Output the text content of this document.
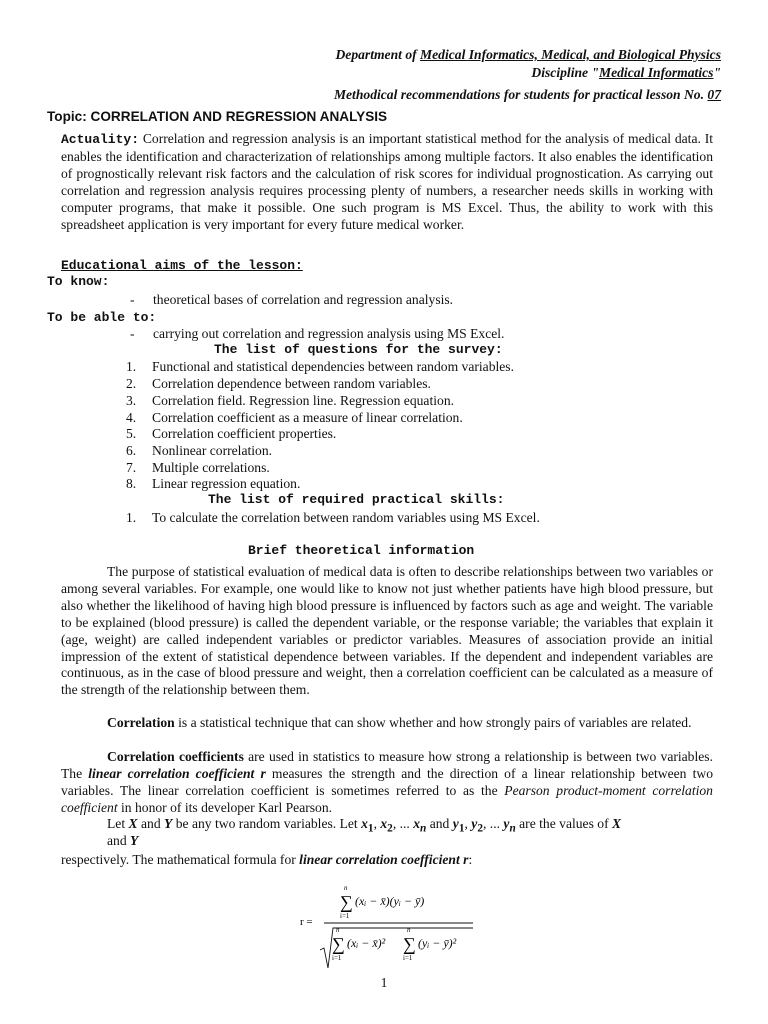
Department of Medical Informatics, Medical, and Biological Physics
Discipline "Medical Informatics"
Methodical recommendations for students for practical lesson No. 07
Topic: CORRELATION AND REGRESSION ANALYSIS
Actuality: Correlation and regression analysis is an important statistical method for the analysis of medical data. It enables the identification and characterization of relationships among multiple factors. It also enables the identification of prognostically relevant risk factors and the calculation of risk scores for individual prognostication. As carrying out correlation and regression analysis requires processing plenty of numbers, a researcher needs skills in working with computer programs, that make it possible. One such program is MS Excel. Thus, the ability to work with this spreadsheet application is very important for every future medical worker.
Educational aims of the lesson:
To know:
- theoretical bases of correlation and regression analysis.
To be able to:
- carrying out correlation and regression analysis using MS Excel.
The list of questions for the survey:
1. Functional and statistical dependencies between random variables.
2. Correlation dependence between random variables.
3. Correlation field. Regression line. Regression equation.
4. Correlation coefficient as a measure of linear correlation.
5. Correlation coefficient properties.
6. Nonlinear correlation.
7. Multiple correlations.
8. Linear regression equation.
The list of required practical skills:
1. To calculate the correlation between random variables using MS Excel.
Brief theoretical information
The purpose of statistical evaluation of medical data is often to describe relationships between two variables or among several variables. For example, one would like to know not just whether patients have high blood pressure, but also whether the likelihood of having high blood pressure is influenced by factors such as age and weight. The variable to be explained (blood pressure) is called the dependent variable, or the response variable; the variables that explain it (age, weight) are called independent variables or predictor variables. Measures of association provide an initial impression of the extent of statistical dependence between variables. If the dependent and independent variables are continuous, as in the case of blood pressure and weight, then a correlation coefficient can be calculated as a measure of the strength of the relationship between them.
Correlation is a statistical technique that can show whether and how strongly pairs of variables are related.
Correlation coefficients are used in statistics to measure how strong a relationship is between two variables. The linear correlation coefficient r measures the strength and the direction of a linear relationship between two variables. The linear correlation coefficient is sometimes referred to as the Pearson product-moment correlation coefficient in honor of its developer Karl Pearson.
Let X and Y be any two random variables. Let $x_1$, $x_2$, ... $x_n$ and $y_1$, $y_2$, ... $y_n$ are the values of X
and Y
respectively. The mathematical formula for linear correlation coefficient r:
r =
n
∑
i=1
(xᵢ − x̄)(yᵢ − ȳ)
n
∑
i=1
(xᵢ − x̄)²
n
∑
i=1
(yᵢ − ȳ)²
1
